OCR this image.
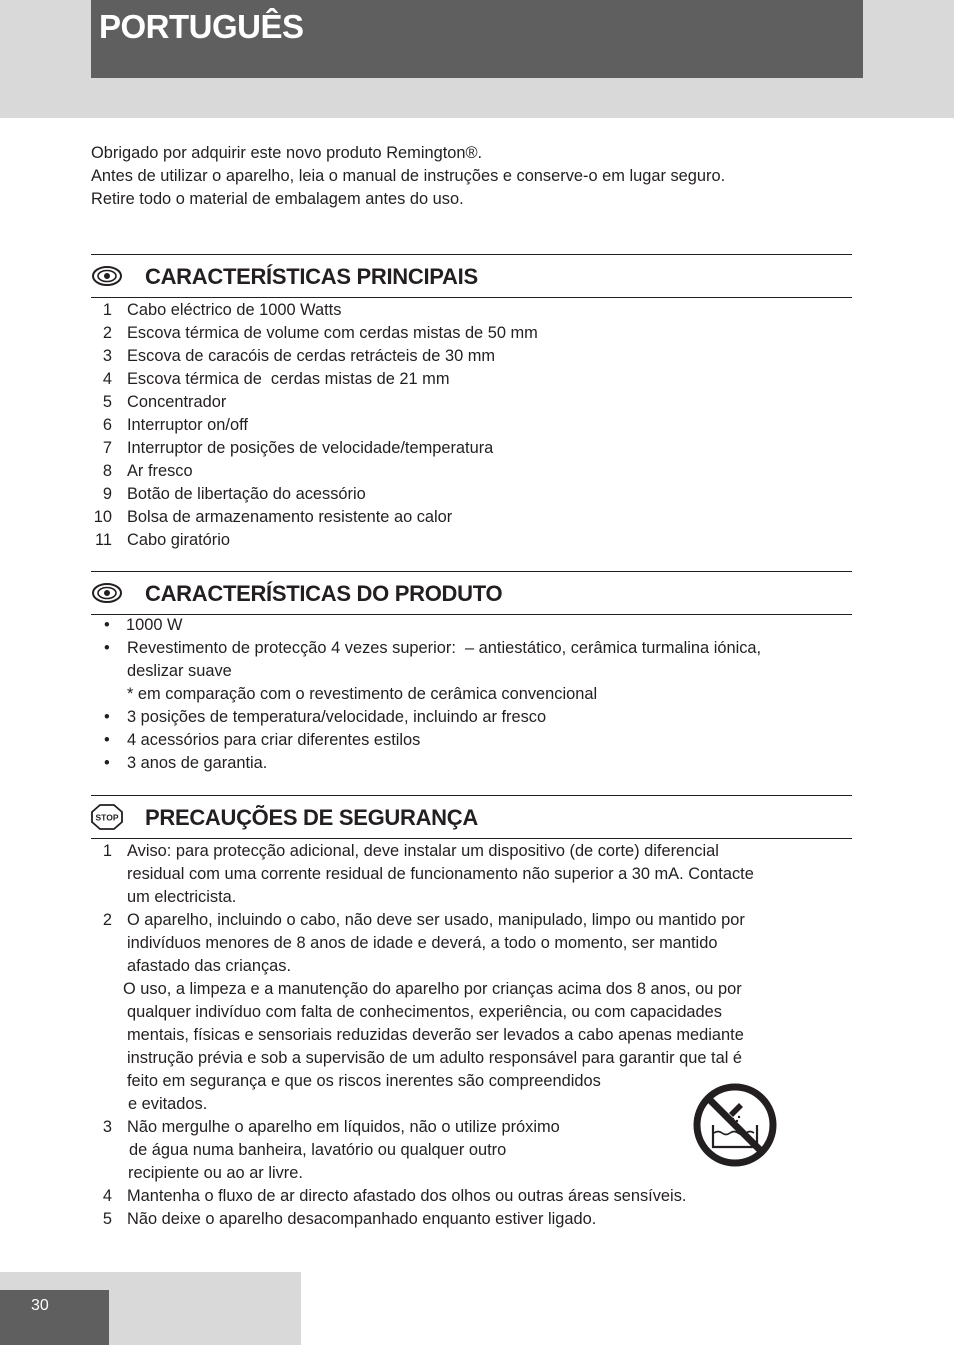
PORTUGUÊS
Obrigado por adquirir este novo produto Remington®.
Antes de utilizar o aparelho, leia o manual de instruções e conserve-o em lugar seguro.
Retire todo o material de embalagem antes do uso.
CARACTERÍSTICAS PRINCIPAIS
1 Cabo eléctrico de 1000 Watts
2 Escova térmica de volume com cerdas mistas de 50 mm
3 Escova de caracóis de cerdas retrácteis de 30 mm
4 Escova térmica de  cerdas mistas de 21 mm
5 Concentrador
6 Interruptor on/off
7 Interruptor de posições de velocidade/temperatura
8 Ar fresco
9 Botão de libertação do acessório
10 Bolsa de armazenamento resistente ao calor
11 Cabo giratório
CARACTERÍSTICAS DO PRODUTO
• 1000 W
• Revestimento de protecção 4 vezes superior:  – antiestático, cerâmica turmalina iónica,
deslizar suave
* em comparação com o revestimento de cerâmica convencional
• 3 posições de temperatura/velocidade, incluindo ar fresco
• 4 acessórios para criar diferentes estilos
• 3 anos de garantia.
STOP PRECAUÇÕES DE SEGURANÇA
1 Aviso: para protecção adicional, deve instalar um dispositivo (de corte) diferencial
residual com uma corrente residual de funcionamento não superior a 30 mA. Contacte
um electricista.
2 O aparelho, incluindo o cabo, não deve ser usado, manipulado, limpo ou mantido por
indivíduos menores de 8 anos de idade e deverá, a todo o momento, ser mantido
afastado das crianças.
O uso, a limpeza e a manutenção do aparelho por crianças acima dos 8 anos, ou por
qualquer indivíduo com falta de conhecimentos, experiência, ou com capacidades
mentais, físicas e sensoriais reduzidas deverão ser levados a cabo apenas mediante
instrução prévia e sob a supervisão de um adulto responsável para garantir que tal é
feito em segurança e que os riscos inerentes são compreendidos
e evitados.
3 Não mergulhe o aparelho em líquidos, não o utilize próximo
de água numa banheira, lavatório ou qualquer outro
recipiente ou ao ar livre.
4 Mantenha o fluxo de ar directo afastado dos olhos ou outras áreas sensíveis.
5 Não deixe o aparelho desacompanhado enquanto estiver ligado.
30
